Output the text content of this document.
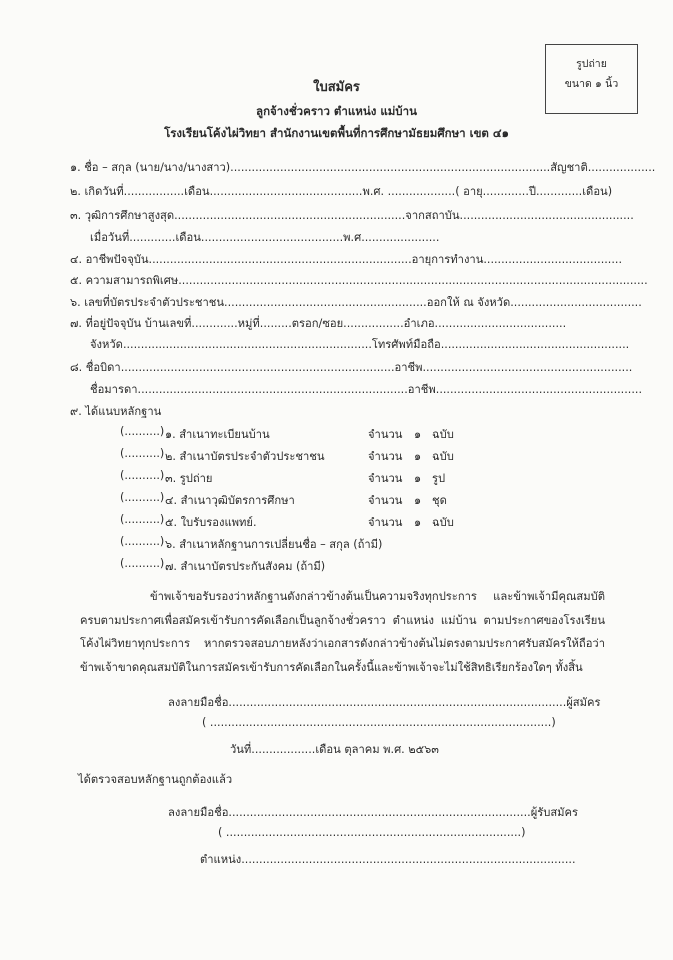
รูปถ่าย
ขนาด ๑ นิ้ว
ใบสมัคร
ลูกจ้างชั่วคราว ตำแหน่ง แม่บ้าน
โรงเรียนโค้งไผ่วิทยา สำนักงานเขตพื้นที่การศึกษามัธยมศึกษา เขต ๔๑
๑. ชื่อ – สกุล (นาย/นาง/นางสาว)..........................................................................................สัญชาติ...................
๒. เกิดวันที่.................เดือน...........................................พ.ศ. ...................( อายุ.............ปี.............เดือน)
๓. วุฒิการศึกษาสูงสุด.................................................................จากสถาบัน.................................................
เมื่อวันที่.............เดือน........................................พ.ศ......................
๔. อาชีพปัจจุบัน..........................................................................อายุการทำงาน.......................................
๕. ความสามารถพิเศษ....................................................................................................................................
๖. เลขที่บัตรประจำตัวประชาชน.........................................................ออกให้ ณ จังหวัด.....................................
๗. ที่อยู่ปัจจุบัน บ้านเลขที่.............หมู่ที่.........ตรอก/ซอย.................อำเภอ.....................................
จังหวัด......................................................................โทรศัพท์มือถือ.....................................................
๘. ชื่อบิดา.............................................................................อาชีพ...........................................................
ชื่อมารดา............................................................................อาชีพ..........................................................
๙. ได้แนบหลักฐาน
(..........) ๑. สำเนาทะเบียนบ้าน	จำนวน ๑ ฉบับ
(..........) ๒. สำเนาบัตรประจำตัวประชาชน	จำนวน ๑ ฉบับ
(..........) ๓. รูปถ่าย	จำนวน ๑ รูป
(..........) ๔. สำเนาวุฒิบัตรการศึกษา	จำนวน ๑ ชุด
(..........) ๕. ใบรับรองแพทย์.	จำนวน ๑ ฉบับ
(..........) ๖. สำเนาหลักฐานการเปลี่ยนชื่อ – สกุล (ถ้ามี)
(..........) ๗. สำเนาบัตรประกันสังคม (ถ้ามี)
ข้าพเจ้าขอรับรองว่าหลักฐานดังกล่าวข้างต้นเป็นความจริงทุกประการ และข้าพเจ้ามีคุณสมบัติครบตามประกาศเพื่อสมัครเข้ารับการคัดเลือกเป็นลูกจ้างชั่วคราว ตำแหน่ง แม่บ้าน ตามประกาศของโรงเรียนโค้งไผ่วิทยาทุกประการ หากตรวจสอบภายหลังว่าเอกสารดังกล่าวข้างต้นไม่ตรงตามประกาศรับสมัครให้ถือว่าข้าพเจ้าขาดคุณสมบัติในการสมัครเข้ารับการคัดเลือกในครั้งนี้และข้าพเจ้าจะไม่ใช้สิทธิเรียกร้องใดๆ ทั้งสิ้น
ลงลายมือชื่อ...............................................................................................ผู้สมัคร
( ................................................................................................)
วันที่..................เดือน ตุลาคม พ.ศ. ๒๕๖๓
ได้ตรวจสอบหลักฐานถูกต้องแล้ว
ลงลายมือชื่อ.....................................................................................ผู้รับสมัคร
( ...................................................................................)
ตำแหน่ง..............................................................................................
